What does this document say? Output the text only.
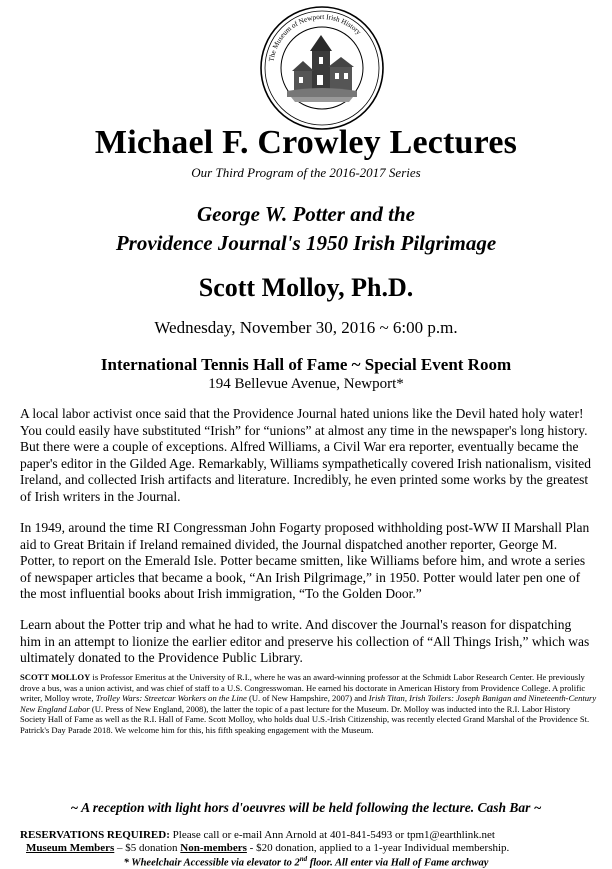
The Museum of Newport Irish History
Michael F. Crowley Lectures
Our Third Program of the 2016-2017 Series
George W. Potter and the
Providence Journal's 1950 Irish Pilgrimage
Scott Molloy, Ph.D.
Wednesday, November 30, 2016 ~ 6:00 p.m.
International Tennis Hall of Fame ~ Special Event Room
194 Bellevue Avenue, Newport*

A local labor activist once said that the Providence Journal hated unions like the Devil hated holy water! You could easily have substituted “Irish” for “unions” at almost any time in the newspaper's long history. But there were a couple of exceptions. Alfred Williams, a Civil War era reporter, eventually became the paper's editor in the Gilded Age. Remarkably, Williams sympathetically covered Irish nationalism, visited Ireland, and collected Irish artifacts and literature. Incredibly, he even printed some works by the greatest of Irish writers in the Journal.

In 1949, around the time RI Congressman John Fogarty proposed withholding post-WW II Marshall Plan aid to Great Britain if Ireland remained divided, the Journal dispatched another reporter, George M. Potter, to report on the Emerald Isle. Potter became smitten, like Williams before him, and wrote a series of newspaper articles that became a book, “An Irish Pilgrimage,” in 1950. Potter would later pen one of the most influential books about Irish immigration, “To the Golden Door.”

Learn about the Potter trip and what he had to write. And discover the Journal's reason for dispatching him in an attempt to lionize the earlier editor and preserve his collection of “All Things Irish,” which was ultimately donated to the Providence Public Library.

SCOTT MOLLOY is Professor Emeritus at the University of R.I., where he was an award-winning professor at the Schmidt Labor Research Center. He previously drove a bus, was a union activist, and was chief of staff to a U.S. Congresswoman. He earned his doctorate in American History from Providence College. A prolific writer, Molloy wrote, Trolley Wars: Streetcar Workers on the Line (U. of New Hampshire, 2007) and Irish Titan, Irish Toilers: Joseph Banigan and Nineteenth-Century New England Labor (U. Press of New England, 2008), the latter the topic of a past lecture for the Museum. Dr. Molloy was inducted into the R.I. Labor History Society Hall of Fame as well as the R.I. Hall of Fame. Scott Molloy, who holds dual U.S.-Irish Citizenship, was recently elected Grand Marshal of the Providence St. Patrick's Day Parade 2018. We welcome him for this, his fifth speaking engagement with the Museum.

~ A reception with light hors d'oeuvres will be held following the lecture. Cash Bar ~
RESERVATIONS REQUIRED: Please call or e-mail Ann Arnold at 401-841-5493 or tpm1@earthlink.net
Museum Members – $5 donation Non-members - $20 donation, applied to a 1-year Individual membership.
* Wheelchair Accessible via elevator to 2nd floor. All enter via Hall of Fame archway
